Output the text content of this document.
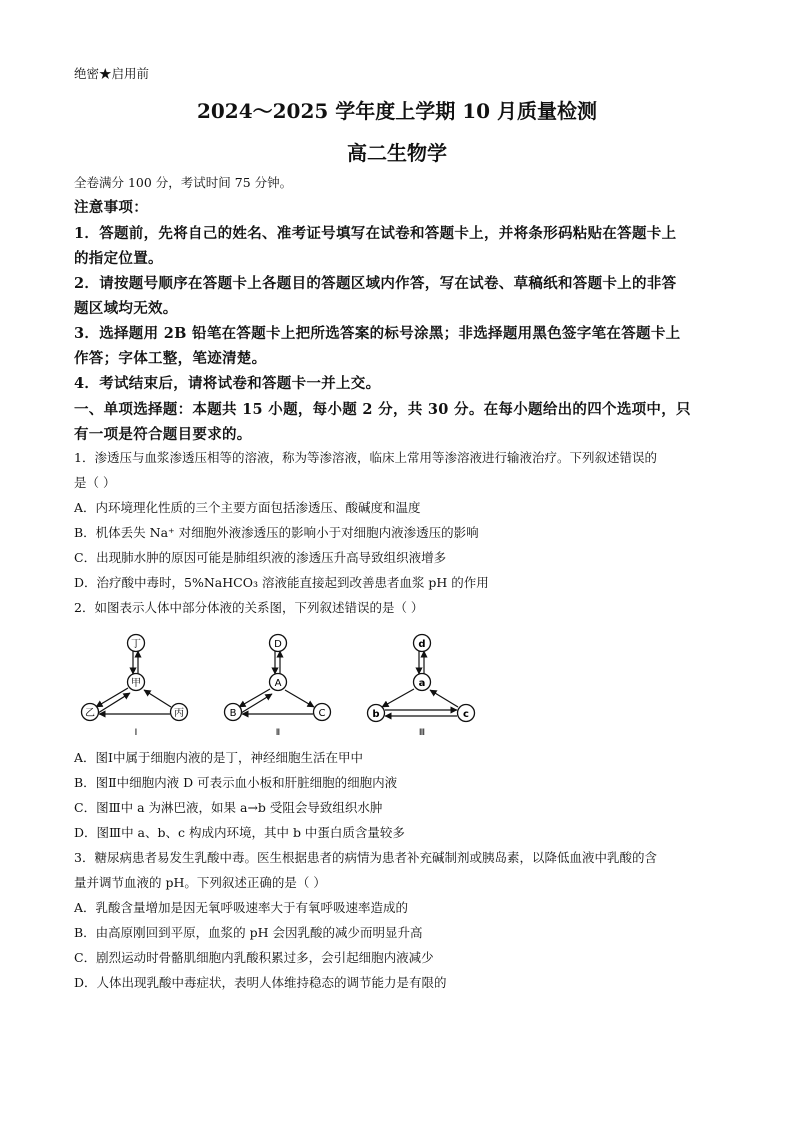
绝密★启用前
2024～2025 学年度上学期 10 月质量检测
高二生物学
全卷满分 100 分，考试时间 75 分钟。
注意事项：
1．答题前，先将自己的姓名、准考证号填写在试卷和答题卡上，并将条形码粘贴在答题卡上
的指定位置。
2．请按题号顺序在答题卡上各题目的答题区域内作答，写在试卷、草稿纸和答题卡上的非答
题区域均无效。
3．选择题用 2B 铅笔在答题卡上把所选答案的标号涂黑；非选择题用黑色签字笔在答题卡上
作答；字体工整，笔迹清楚。
4．考试结束后，请将试卷和答题卡一并上交。
一、单项选择题：本题共 15 小题，每小题 2 分，共 30 分。在每小题给出的四个选项中，只
有一项是符合题目要求的。
1．渗透压与血浆渗透压相等的溶液，称为等渗溶液，临床上常用等渗溶液进行输液治疗。下列叙述错误的
是（ ）
A．内环境理化性质的三个主要方面包括渗透压、酸碱度和温度
B．机体丢失 Na⁺ 对细胞外液渗透压的影响小于对细胞内液渗透压的影响
C．出现肺水肿的原因可能是肺组织液的渗透压升高导致组织液增多
D．治疗酸中毒时，5%NaHCO₃ 溶液能直接起到改善患者血浆 pH 的作用
2．如图表示人体中部分体液的关系图，下列叙述错误的是（ ）
丁
甲
乙	丙
Ⅰ
D
A
B	C
Ⅱ
d
a
b	c
Ⅲ
A．图Ⅰ中属于细胞内液的是丁，神经细胞生活在甲中
B．图Ⅱ中细胞内液 D 可表示血小板和肝脏细胞的细胞内液
C．图Ⅲ中 a 为淋巴液，如果 a→b 受阻会导致组织水肿
D．图Ⅲ中 a、b、c 构成内环境，其中 b 中蛋白质含量较多
3．糖尿病患者易发生乳酸中毒。医生根据患者的病情为患者补充碱制剂或胰岛素，以降低血液中乳酸的含
量并调节血液的 pH。下列叙述正确的是（ ）
A．乳酸含量增加是因无氧呼吸速率大于有氧呼吸速率造成的
B．由高原刚回到平原，血浆的 pH 会因乳酸的减少而明显升高
C．剧烈运动时骨骼肌细胞内乳酸积累过多，会引起细胞内液减少
D．人体出现乳酸中毒症状，表明人体维持稳态的调节能力是有限的
